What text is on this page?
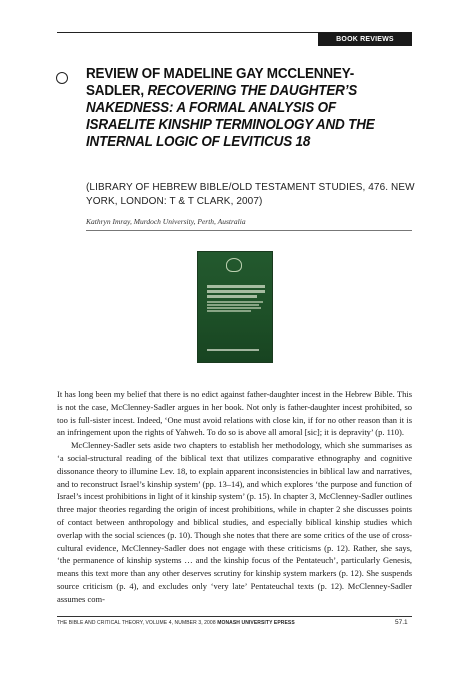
BOOK REVIEWS
REVIEW OF MADELINE GAY MCCLENNEY-SADLER, RECOVERING THE DAUGHTER’S NAKEDNESS: A FORMAL ANALYSIS OF ISRAELITE KINSHIP TERMINOLOGY AND THE INTERNAL LOGIC OF LEVITICUS 18

(LIBRARY OF HEBREW BIBLE/OLD TESTAMENT STUDIES, 476. NEW YORK, LONDON: T & T CLARK, 2007)

Kathryn Imray, Murdoch University, Perth, Australia

It has long been my belief that there is no edict against father-daughter incest in the Hebrew Bible. This is not the case, McClenney-Sadler argues in her book. Not only is father-daughter incest prohibited, so too is full-sister incest. Indeed, ‘One must avoid relations with close kin, if for no other reason than it is an infringement upon the rights of Yahweh. To do so is above all amoral [sic]; it is depravity’ (p. 110).

McClenney-Sadler sets aside two chapters to establish her methodology, which she summarises as ‘a social-structural reading of the biblical text that utilizes comparative ethnography and cognitive dissonance theory to illumine Lev. 18, to explain apparent inconsistencies in biblical law and narratives, and to reconstruct Israel’s kinship system’ (pp. 13–14), and which explores ‘the purpose and function of Israel’s incest prohibitions in light of it kinship system’ (p. 15). In chapter 3, McClenney-Sadler outlines three major theories regarding the origin of incest prohibitions, while in chapter 2 she discusses points of contact between anthropology and biblical studies, and especially biblical kinship studies which overlap with the social sciences (p. 10). Though she notes that there are some critics of the use of cross-cultural evidence, McClenney-Sadler does not engage with these criticisms (p. 12). Rather, she says, ‘the permanence of kinship systems … and the kinship focus of the Pentateuch’, particularly Genesis, means this text more than any other deserves scrutiny for kinship system markers (p. 12). She suspends source criticism (p. 4), and excludes only ‘very late’ Pentateuchal texts (p. 12). McClenney-Sadler assumes com-

THE BIBLE AND CRITICAL THEORY, VOLUME 4, NUMBER 3, 2008 MONASH UNIVERSITY EPRESS	57.1
